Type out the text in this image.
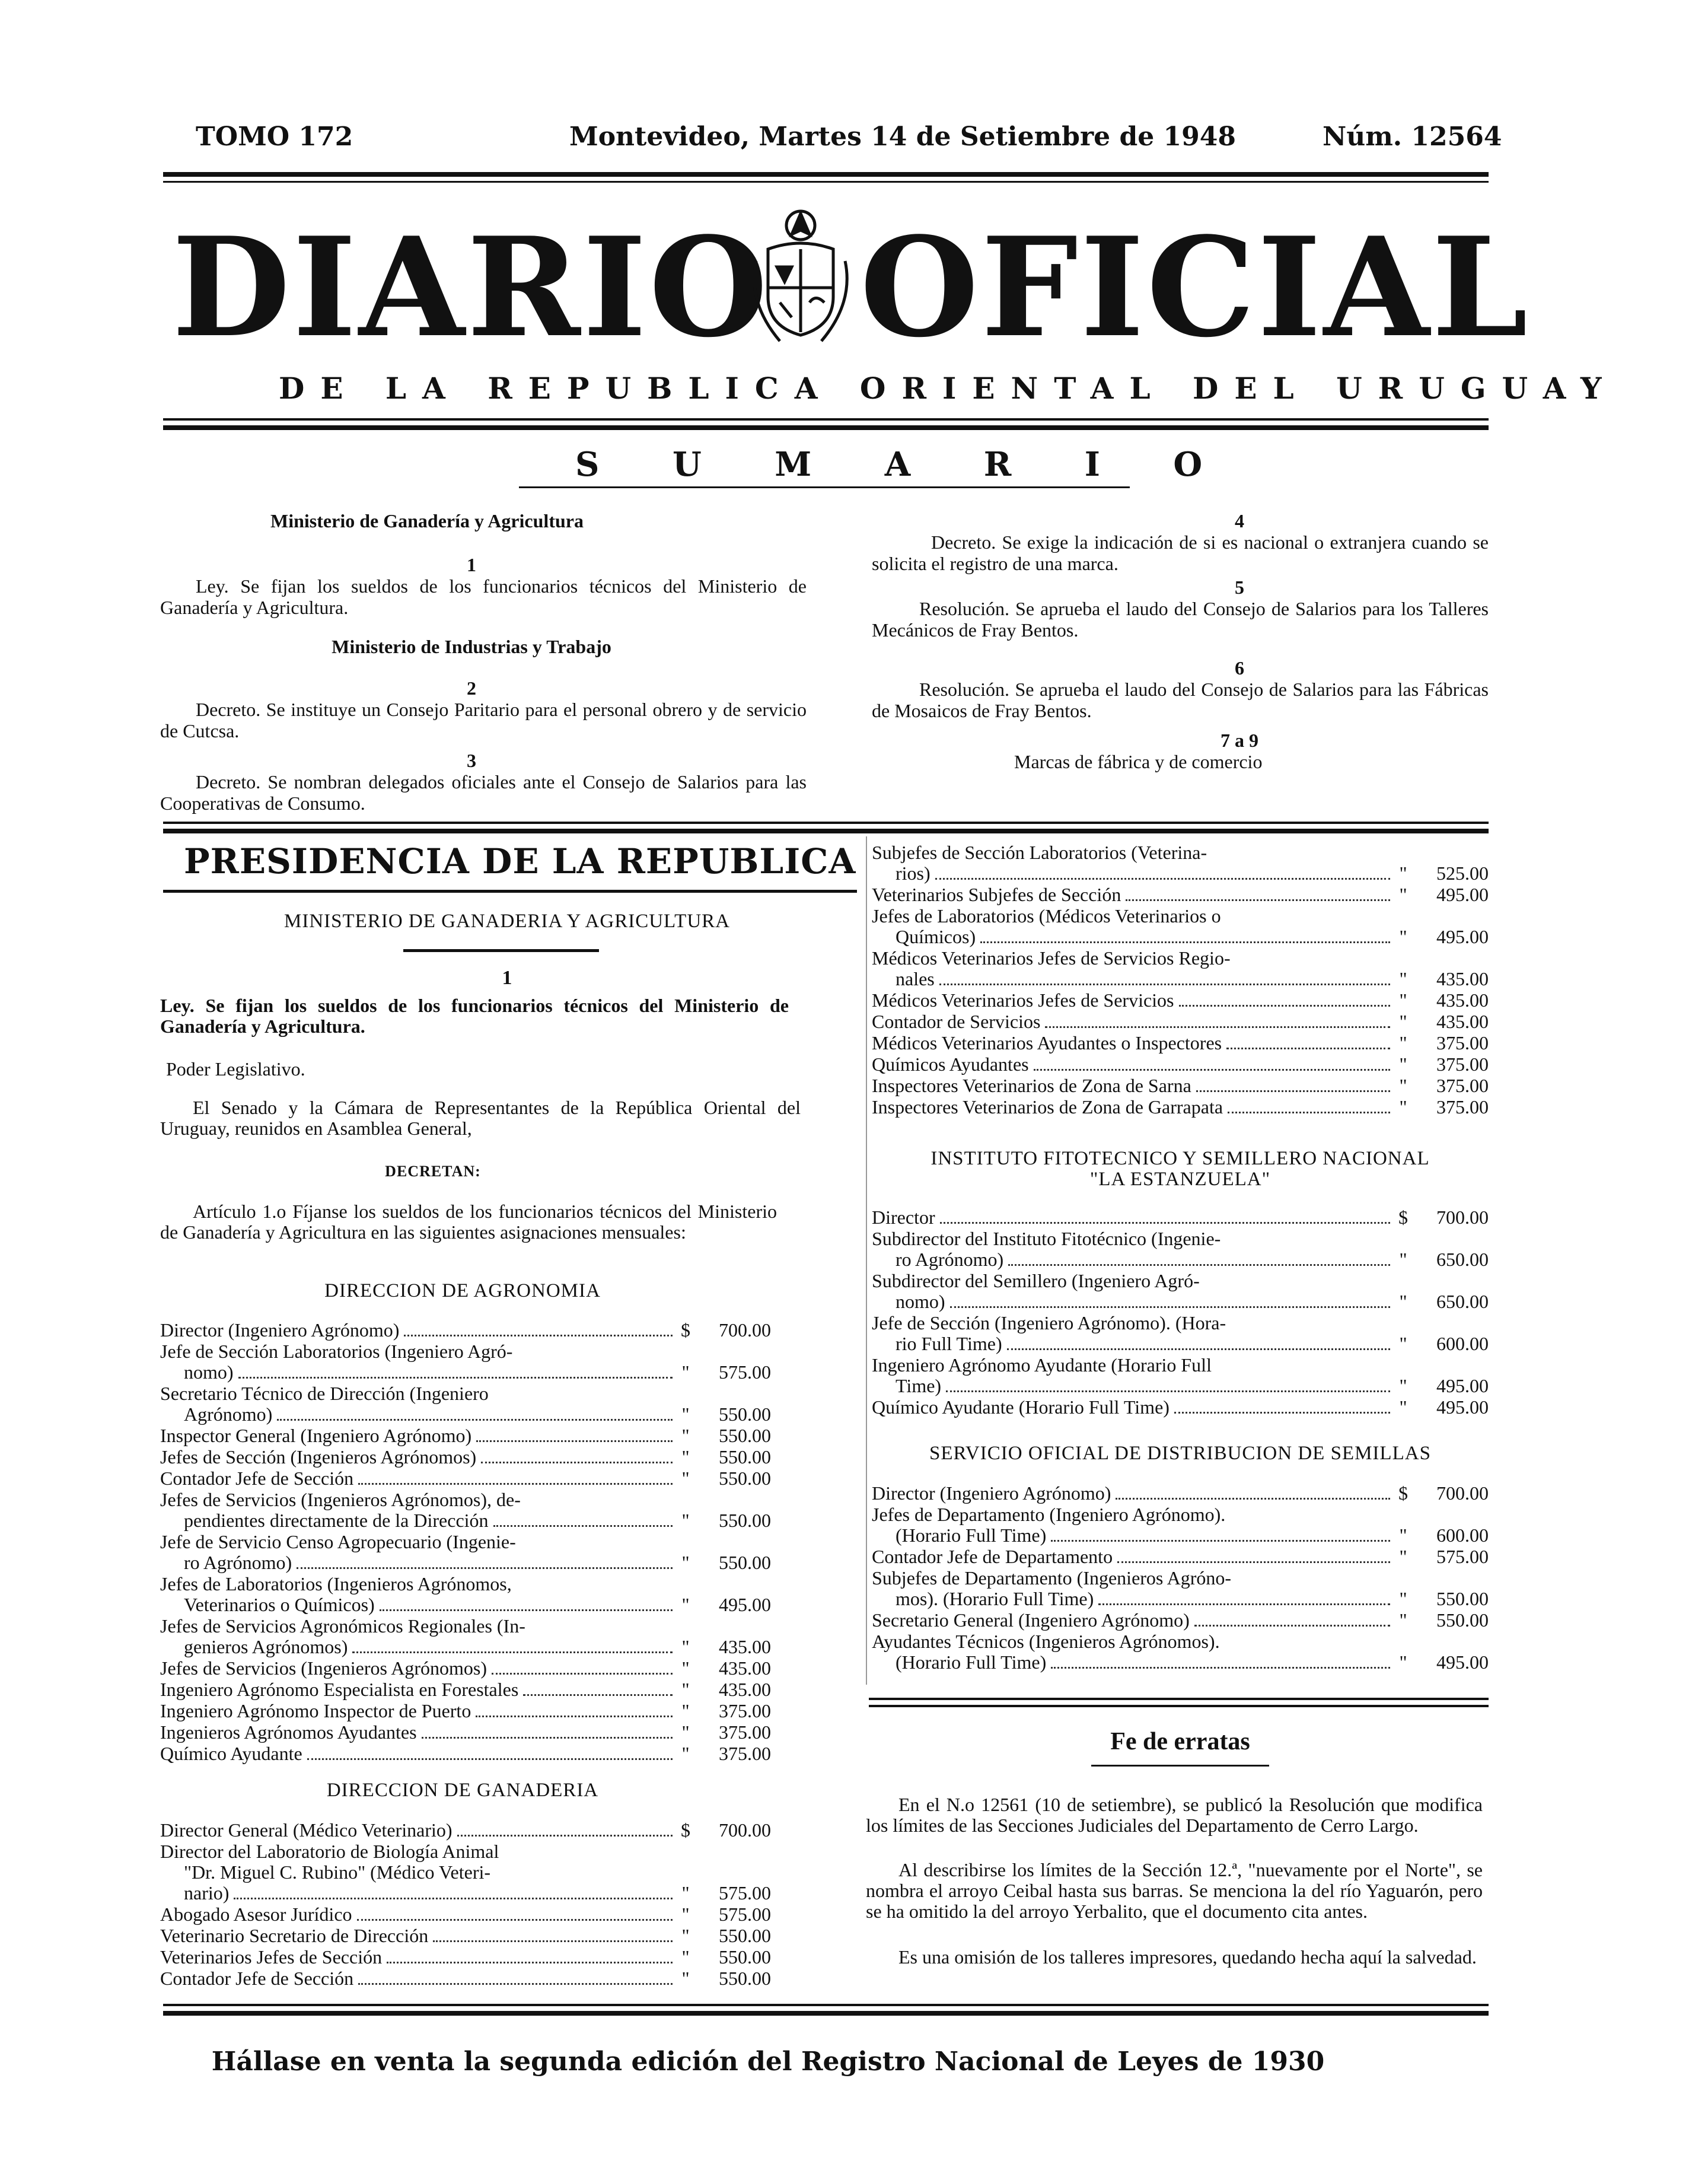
TOMO 172	Montevideo, Martes 14 de Setiembre de 1948	Núm. 12564
DIARIO OFICIAL
DE LA REPUBLICA ORIENTAL DEL URUGUAY
S U M A R I O
Ministerio de Ganadería y Agricultura
1
Ley. Se fijan los sueldos de los funcionarios técnicos del Ministerio de Ganadería y Agricultura.
Ministerio de Industrias y Trabajo
2
Decreto. Se instituye un Consejo Paritario para el personal obrero y de servicio de Cutcsa.
3
Decreto. Se nombran delegados oficiales ante el Consejo de Salarios para las Cooperativas de Consumo.
4
Decreto. Se exige la indicación de si es nacional o extranjera cuando se solicita el registro de una marca.
5
Resolución. Se aprueba el laudo del Consejo de Salarios para los Talleres Mecánicos de Fray Bentos.
6
Resolución. Se aprueba el laudo del Consejo de Salarios para las Fábricas de Mosaicos de Fray Bentos.
7 a 9
Marcas de fábrica y de comercio
PRESIDENCIA DE LA REPUBLICA
MINISTERIO DE GANADERIA Y AGRICULTURA
1
Ley. Se fijan los sueldos de los funcionarios técnicos del Ministerio de Ganadería y Agricultura.
Poder Legislativo.
El Senado y la Cámara de Representantes de la República Oriental del Uruguay, reunidos en Asamblea General,
DECRETAN:
Artículo 1.o Fíjanse los sueldos de los funcionarios técnicos del Ministerio de Ganadería y Agricultura en las siguientes asignaciones mensuales:
DIRECCION DE AGRONOMIA
Director (Ingeniero Agrónomo)	$	700.00
Jefe de Sección Laboratorios (Ingeniero Agró-
nomo)	"	575.00
Secretario Técnico de Dirección (Ingeniero
Agrónomo)	"	550.00
Inspector General (Ingeniero Agrónomo)	"	550.00
Jefes de Sección (Ingenieros Agrónomos)	"	550.00
Contador Jefe de Sección	"	550.00
Jefes de Servicios (Ingenieros Agrónomos), de-
pendientes directamente de la Dirección	"	550.00
Jefe de Servicio Censo Agropecuario (Ingenie-
ro Agrónomo)	"	550.00
Jefes de Laboratorios (Ingenieros Agrónomos,
Veterinarios o Químicos)	"	495.00
Jefes de Servicios Agronómicos Regionales (In-
genieros Agrónomos)	"	435.00
Jefes de Servicios (Ingenieros Agrónomos)	"	435.00
Ingeniero Agrónomo Especialista en Forestales	"	435.00
Ingeniero Agrónomo Inspector de Puerto	"	375.00
Ingenieros Agrónomos Ayudantes	"	375.00
Químico Ayudante	"	375.00
DIRECCION DE GANADERIA
Director General (Médico Veterinario)	$	700.00
Director del Laboratorio de Biología Animal
"Dr. Miguel C. Rubino" (Médico Veteri-
nario)	"	575.00
Abogado Asesor Jurídico	"	575.00
Veterinario Secretario de Dirección	"	550.00
Veterinarios Jefes de Sección	"	550.00
Contador Jefe de Sección	"	550.00
Subjefes de Sección Laboratorios (Veterina-
rios)	"	525.00
Veterinarios Subjefes de Sección	"	495.00
Jefes de Laboratorios (Médicos Veterinarios o
Químicos)	"	495.00
Médicos Veterinarios Jefes de Servicios Regio-
nales	"	435.00
Médicos Veterinarios Jefes de Servicios	"	435.00
Contador de Servicios	"	435.00
Médicos Veterinarios Ayudantes o Inspectores	"	375.00
Químicos Ayudantes	"	375.00
Inspectores Veterinarios de Zona de Sarna	"	375.00
Inspectores Veterinarios de Zona de Garrapata	"	375.00
INSTITUTO FITOTECNICO Y SEMILLERO NACIONAL
"LA ESTANZUELA"
Director	$	700.00
Subdirector del Instituto Fitotécnico (Ingenie-
ro Agrónomo)	"	650.00
Subdirector del Semillero (Ingeniero Agró-
nomo)	"	650.00
Jefe de Sección (Ingeniero Agrónomo). (Hora-
rio Full Time)	"	600.00
Ingeniero Agrónomo Ayudante (Horario Full
Time)	"	495.00
Químico Ayudante (Horario Full Time)	"	495.00
SERVICIO OFICIAL DE DISTRIBUCION DE SEMILLAS
Director (Ingeniero Agrónomo)	$	700.00
Jefes de Departamento (Ingeniero Agrónomo).
(Horario Full Time)	"	600.00
Contador Jefe de Departamento	"	575.00
Subjefes de Departamento (Ingenieros Agróno-
mos). (Horario Full Time)	"	550.00
Secretario General (Ingeniero Agrónomo)	"	550.00
Ayudantes Técnicos (Ingenieros Agrónomos).
(Horario Full Time)	"	495.00
Fe de erratas
En el N.o 12561 (10 de setiembre), se publicó la Resolución que modifica los límites de las Secciones Judiciales del Departamento de Cerro Largo.
Al describirse los límites de la Sección 12.ª, "nuevamente por el Norte", se nombra el arroyo Ceibal hasta sus barras. Se menciona la del río Yaguarón, pero se ha omitido la del arroyo Yerbalito, que el documento cita antes.
Es una omisión de los talleres impresores, quedando hecha aquí la salvedad.
Hállase en venta la segunda edición del Registro Nacional de Leyes de 1930
